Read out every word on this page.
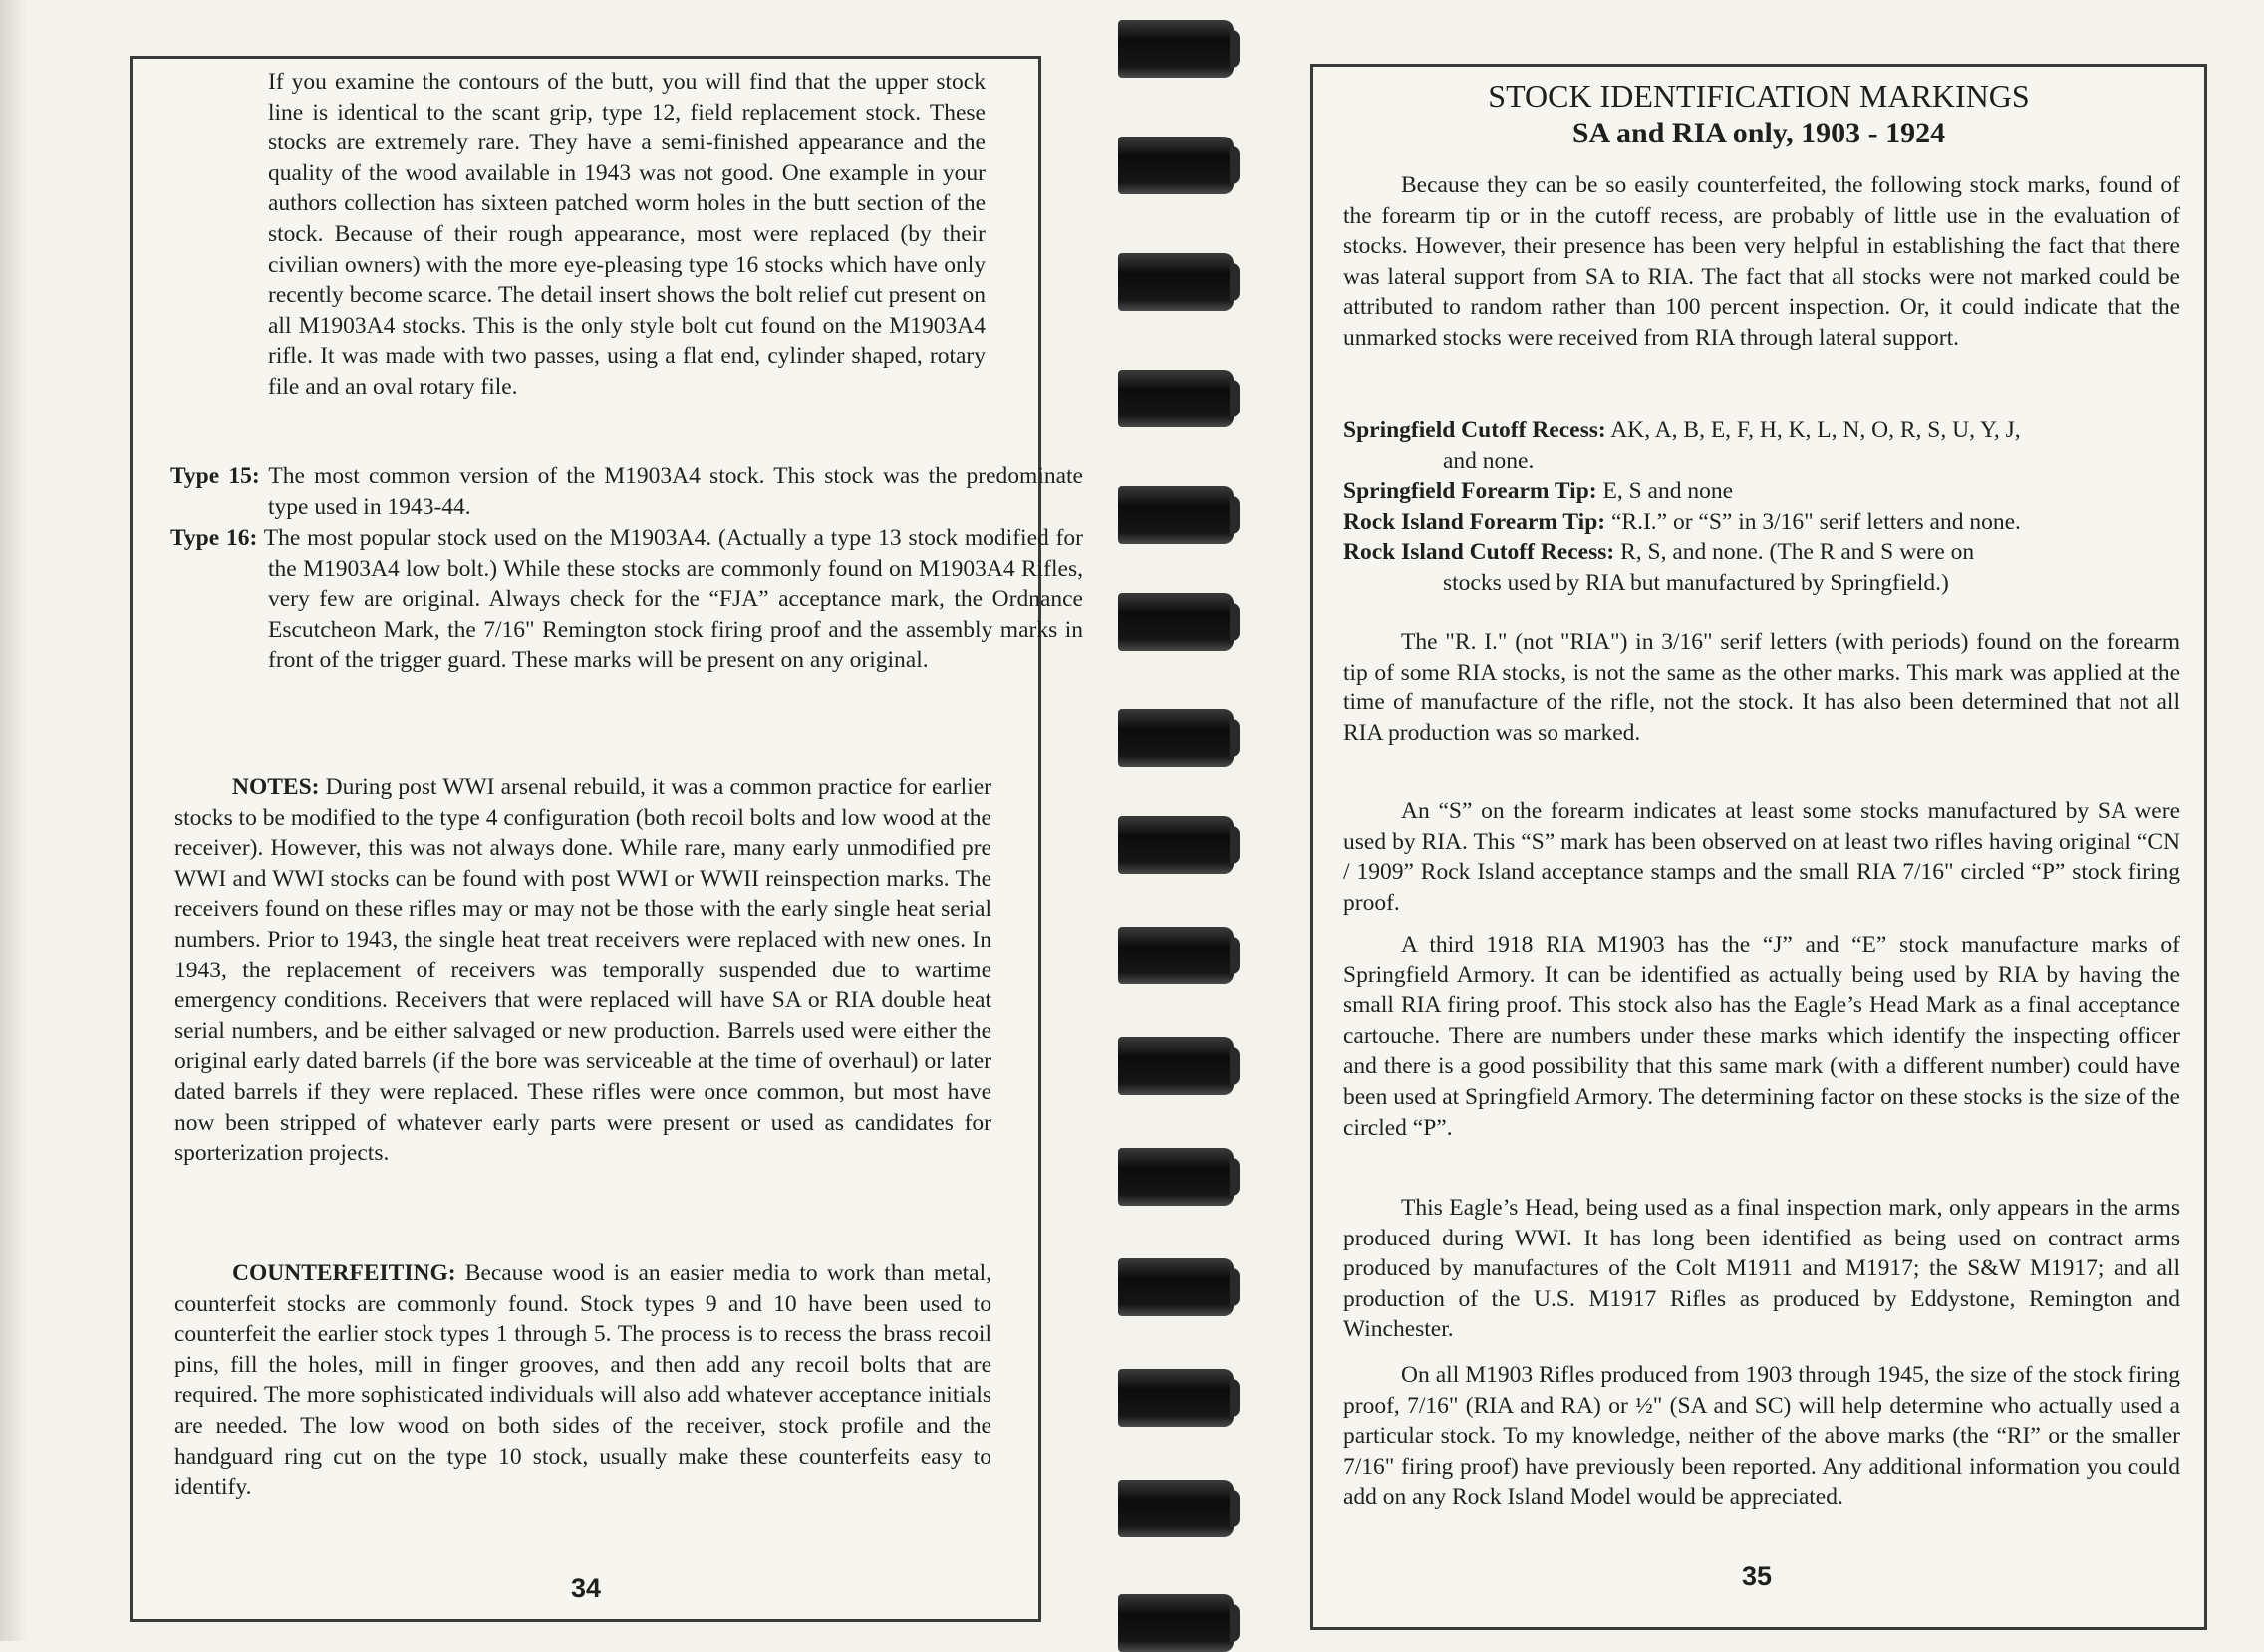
If you examine the contours of the butt, you will find that the upper stock line is identical to the scant grip, type 12, field replacement stock. These stocks are extremely rare. They have a semi-finished appearance and the quality of the wood available in 1943 was not good. One example in your authors collection has sixteen patched worm holes in the butt section of the stock. Because of their rough appearance, most were replaced (by their civilian owners) with the more eye-pleasing type 16 stocks which have only recently become scarce. The detail insert shows the bolt relief cut present on all M1903A4 stocks. This is the only style bolt cut found on the M1903A4 rifle. It was made with two passes, using a flat end, cylinder shaped, rotary file and an oval rotary file.

Type 15: The most common version of the M1903A4 stock. This stock was the predominate type used in 1943-44.

Type 16: The most popular stock used on the M1903A4. (Actually a type 13 stock modified for the M1903A4 low bolt.) While these stocks are commonly found on M1903A4 Rifles, very few are original. Always check for the “FJA” acceptance mark, the Ordnance Escutcheon Mark, the 7/16" Remington stock firing proof and the assembly marks in front of the trigger guard. These marks will be present on any original.

NOTES: During post WWI arsenal rebuild, it was a common practice for earlier stocks to be modified to the type 4 configuration (both recoil bolts and low wood at the receiver). However, this was not always done. While rare, many early unmodified pre WWI and WWI stocks can be found with post WWI or WWII reinspection marks. The receivers found on these rifles may or may not be those with the early single heat serial numbers. Prior to 1943, the single heat treat receivers were replaced with new ones. In 1943, the replacement of receivers was temporally suspended due to wartime emergency conditions. Receivers that were replaced will have SA or RIA double heat serial numbers, and be either salvaged or new production. Barrels used were either the original early dated barrels (if the bore was serviceable at the time of overhaul) or later dated barrels if they were replaced. These rifles were once common, but most have now been stripped of whatever early parts were present or used as candidates for sporterization projects.

COUNTERFEITING: Because wood is an easier media to work than metal, counterfeit stocks are commonly found. Stock types 9 and 10 have been used to counterfeit the earlier stock types 1 through 5. The process is to recess the brass recoil pins, fill the holes, mill in finger grooves, and then add any recoil bolts that are required. The more sophisticated individuals will also add whatever acceptance initials are needed. The low wood on both sides of the receiver, stock profile and the handguard ring cut on the type 10 stock, usually make these counterfeits easy to identify.

34
STOCK IDENTIFICATION MARKINGS
SA and RIA only, 1903 - 1924

Because they can be so easily counterfeited, the following stock marks, found of the forearm tip or in the cutoff recess, are probably of little use in the evaluation of stocks. However, their presence has been very helpful in establishing the fact that there was lateral support from SA to RIA. The fact that all stocks were not marked could be attributed to random rather than 100 percent inspection. Or, it could indicate that the unmarked stocks were received from RIA through lateral support.

Springfield Cutoff Recess: AK, A, B, E, F, H, K, L, N, O, R, S, U, Y, J,
and none.
Springfield Forearm Tip: E, S and none
Rock Island Forearm Tip: “R.I.” or “S” in 3/16" serif letters and none.
Rock Island Cutoff Recess: R, S, and none. (The R and S were on
stocks used by RIA but manufactured by Springfield.)

The "R. I." (not "RIA") in 3/16" serif letters (with periods) found on the forearm tip of some RIA stocks, is not the same as the other marks. This mark was applied at the time of manufacture of the rifle, not the stock. It has also been determined that not all RIA production was so marked.

An “S” on the forearm indicates at least some stocks manufactured by SA were used by RIA. This “S” mark has been observed on at least two rifles having original “CN / 1909” Rock Island acceptance stamps and the small RIA 7/16" circled “P” stock firing proof.

A third 1918 RIA M1903 has the “J” and “E” stock manufacture marks of Springfield Armory. It can be identified as actually being used by RIA by having the small RIA firing proof. This stock also has the Eagle’s Head Mark as a final acceptance cartouche. There are numbers under these marks which identify the inspecting officer and there is a good possibility that this same mark (with a different number) could have been used at Springfield Armory. The determining factor on these stocks is the size of the circled “P”.

This Eagle’s Head, being used as a final inspection mark, only appears in the arms produced during WWI. It has long been identified as being used on contract arms produced by manufactures of the Colt M1911 and M1917; the S&W M1917; and all production of the U.S. M1917 Rifles as produced by Eddystone, Remington and Winchester.

On all M1903 Rifles produced from 1903 through 1945, the size of the stock firing proof, 7/16" (RIA and RA) or ½" (SA and SC) will help determine who actually used a particular stock. To my knowledge, neither of the above marks (the “RI” or the smaller 7/16" firing proof) have previously been reported. Any additional information you could add on any Rock Island Model would be appreciated.

35
